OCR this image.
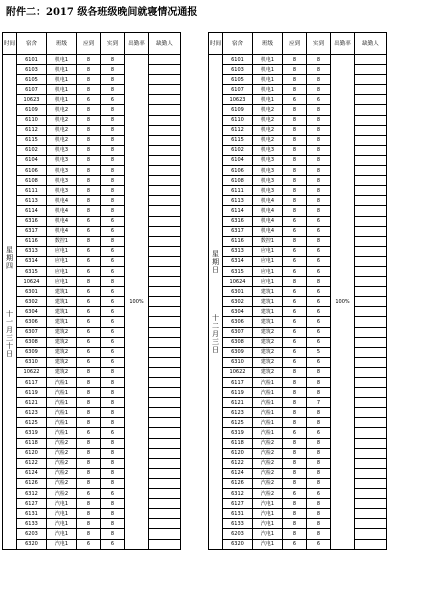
附件二：2017 级各班级晚间就寝情况通报
时间	宿舍	班级	应到	实到	出勤率	缺勤人

星期四
十一月三十日	6101	机电1	8	8	100%	
	6103	机电1	8	8		
	6105	机电1	8	8		
	6107	机电1	8	8		
	10623	机电1	6	6		
	6109	机电2	8	8		
	6110	机电2	8	8		
	6112	机电2	8	8		
	6115	机电2	8	8		
	6102	机电3	8	8		
	6104	机电3	8	8		
	6106	机电3	8	8		
	6108	机电3	8	8		
	6111	机电3	8	8		
	6113	机电4	8	8		
	6114	机电4	8	8		
	6316	机电4	6	6		
	6317	机电4	6	6		
	6116	数控1	8	8		
	6313	应电1	6	6		
	6314	应电1	6	6		
	6315	应电1	6	6		
	10624	应电1	8	8		
	6301	建筑1	6	6		
	6302	建筑1	6	6		
	6304	建筑1	6	6		
	6306	建筑1	6	6		
	6307	建筑2	6	6		
	6308	建筑2	6	6		
	6309	建筑2	6	6		
	6310	建筑2	6	6		
	10622	建筑2	8	8		
	6117	汽检1	8	8		
	6119	汽检1	8	8		
	6121	汽检1	8	8		
	6123	汽检1	8	8		
	6125	汽检1	8	8		
	6319	汽检1	6	6		
	6118	汽检2	8	8		
	6120	汽检2	8	8		
	6122	汽检2	8	8		
	6124	汽检2	8	8		
	6126	汽检2	8	8		
	6312	汽检2	6	6		
	6127	汽电1	8	8		
	6131	汽电1	8	8		
	6133	汽电1	8	8		
	6203	汽电1	8	8		
	6320	汽电1	6	6		
时间	宿舍	班级	应到	实到	出勤率	缺勤人

星期日
十二月三日	6101	机电1	8	8	100%	
	6103	机电1	8	8		
	6105	机电1	8	8		
	6107	机电1	8	8		
	10623	机电1	6	6		
	6109	机电2	8	8		
	6110	机电2	8	8		
	6112	机电2	8	8		
	6115	机电2	8	8		
	6102	机电3	8	8		
	6104	机电3	8	8		
	6106	机电3	8	8		
	6108	机电3	8	8		
	6111	机电3	8	8		
	6113	机电4	8	8		
	6114	机电4	8	8		
	6316	机电4	6	6		
	6317	机电4	6	6		
	6116	数控1	8	8		
	6313	应电1	6	6		
	6314	应电1	6	6		
	6315	应电1	6	6		
	10624	应电1	8	8		
	6301	建筑1	6	6		
	6302	建筑1	6	6		
	6304	建筑1	6	6		
	6306	建筑1	6	6		
	6307	建筑2	6	6		
	6308	建筑2	6	6		
	6309	建筑2	6	5		
	6310	建筑2	6	6		
	10622	建筑2	8	8		
	6117	汽检1	8	8		
	6119	汽检1	8	8		
	6121	汽检1	8	7		
	6123	汽检1	8	8		
	6125	汽检1	8	8		
	6319	汽检1	6	6		
	6118	汽检2	8	8		
	6120	汽检2	8	8		
	6122	汽检2	8	8		
	6124	汽检2	8	8		
	6126	汽检2	8	8		
	6312	汽检2	6	6		
	6127	汽电1	8	8		
	6131	汽电1	8	8		
	6133	汽电1	8	8		
	6203	汽电1	8	8		
	6320	汽电1	6	6		
